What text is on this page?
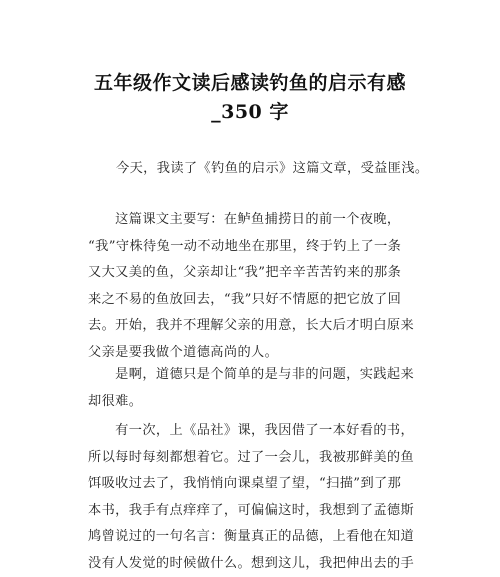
五年级作文读后感读钓鱼的启示有感
_350 字

今天，我读了《钓鱼的启示》这篇文章，受益匪浅。

　　这篇课文主要写：在鲈鱼捕捞日的前一个夜晚，
“我”守株待兔一动不动地坐在那里，终于钓上了一条
又大又美的鱼，父亲却让“我”把辛辛苦苦钓来的那条
来之不易的鱼放回去，“我”只好不情愿的把它放了回
去。开始，我并不理解父亲的用意，长大后才明白原来
父亲是要我做个道德高尚的人。

　　是啊，道德只是个简单的是与非的问题，实践起来
却很难。

　　有一次，上《品社》课，我因借了一本好看的书，
所以每时每刻都想着它。过了一会儿，我被那鲜美的鱼
饵吸收过去了，我悄悄向课桌望了望，“扫描”到了那
本书，我手有点痒痒了，可偏偏这时，我想到了孟德斯
鸠曾说过的一句名言：衡量真正的品德，上看他在知道
没有人发觉的时候做什么。想到这儿，我把伸出去的手
